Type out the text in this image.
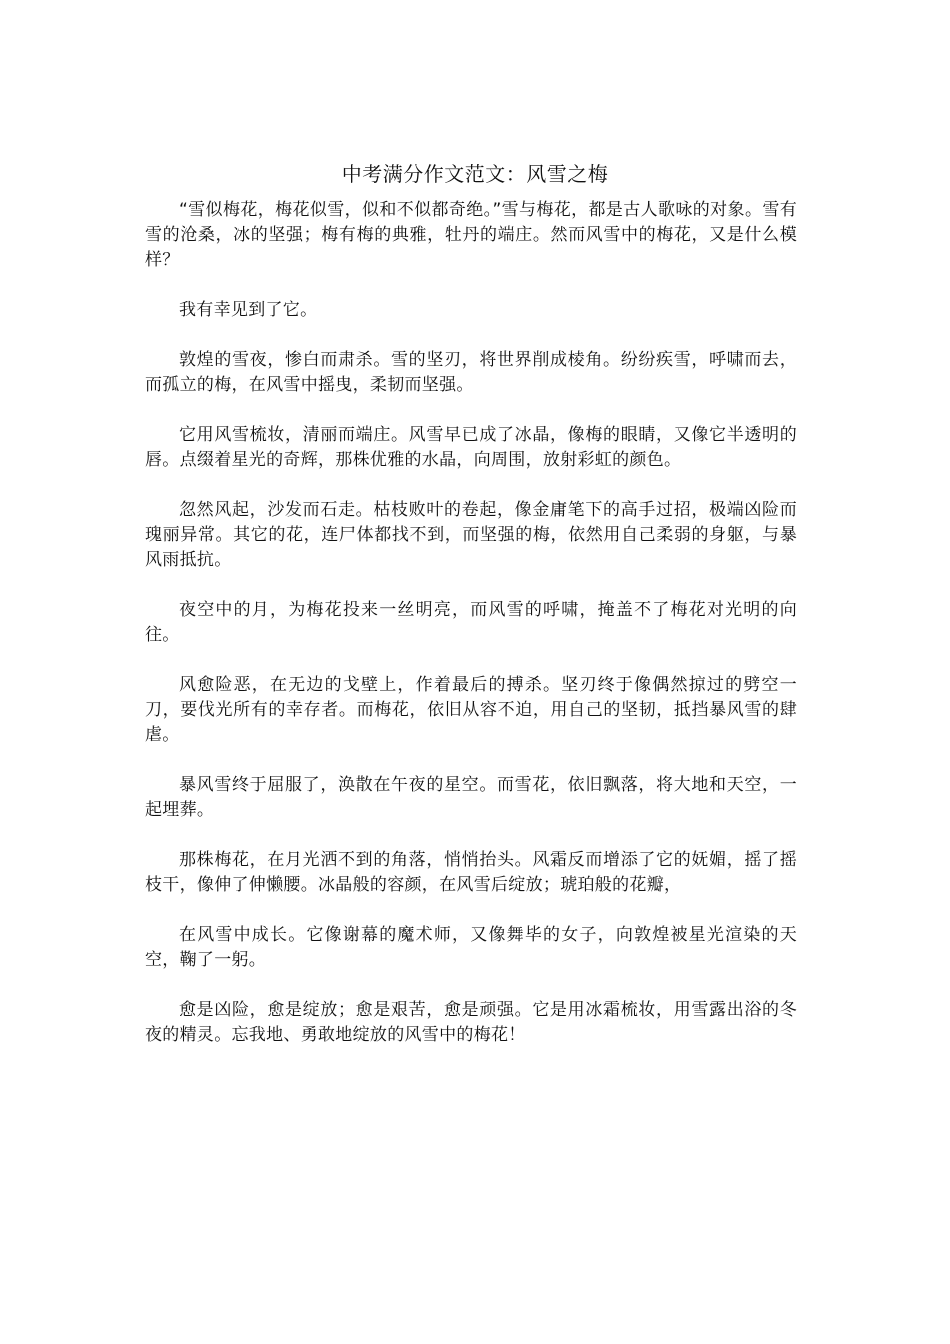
中考满分作文范文：风雪之梅

“雪似梅花，梅花似雪，似和不似都奇绝。”雪与梅花，都是古人歌咏的对象。雪有雪的沧桑，冰的坚强；梅有梅的典雅，牡丹的端庄。然而风雪中的梅花，又是什么模样？

我有幸见到了它。

敦煌的雪夜，惨白而肃杀。雪的坚刃，将世界削成棱角。纷纷疾雪，呼啸而去，而孤立的梅，在风雪中摇曳，柔韧而坚强。

它用风雪梳妆，清丽而端庄。风雪早已成了冰晶，像梅的眼睛，又像它半透明的唇。点缀着星光的奇辉，那株优雅的水晶，向周围，放射彩虹的颜色。

忽然风起，沙发而石走。枯枝败叶的卷起，像金庸笔下的高手过招，极端凶险而瑰丽异常。其它的花，连尸体都找不到，而坚强的梅，依然用自己柔弱的身躯，与暴风雨抵抗。

夜空中的月，为梅花投来一丝明亮，而风雪的呼啸，掩盖不了梅花对光明的向往。

风愈险恶，在无边的戈壁上，作着最后的搏杀。坚刃终于像偶然掠过的劈空一刀，要伐光所有的幸存者。而梅花，依旧从容不迫，用自己的坚韧，抵挡暴风雪的肆虐。

暴风雪终于屈服了，涣散在午夜的星空。而雪花，依旧飘落，将大地和天空，一起埋葬。

那株梅花，在月光洒不到的角落，悄悄抬头。风霜反而增添了它的妩媚，摇了摇枝干，像伸了伸懒腰。冰晶般的容颜，在风雪后绽放；琥珀般的花瓣，

在风雪中成长。它像谢幕的魔术师，又像舞毕的女子，向敦煌被星光渲染的天空，鞠了一躬。

愈是凶险，愈是绽放；愈是艰苦，愈是顽强。它是用冰霜梳妆，用雪露出浴的冬夜的精灵。忘我地、勇敢地绽放的风雪中的梅花！
